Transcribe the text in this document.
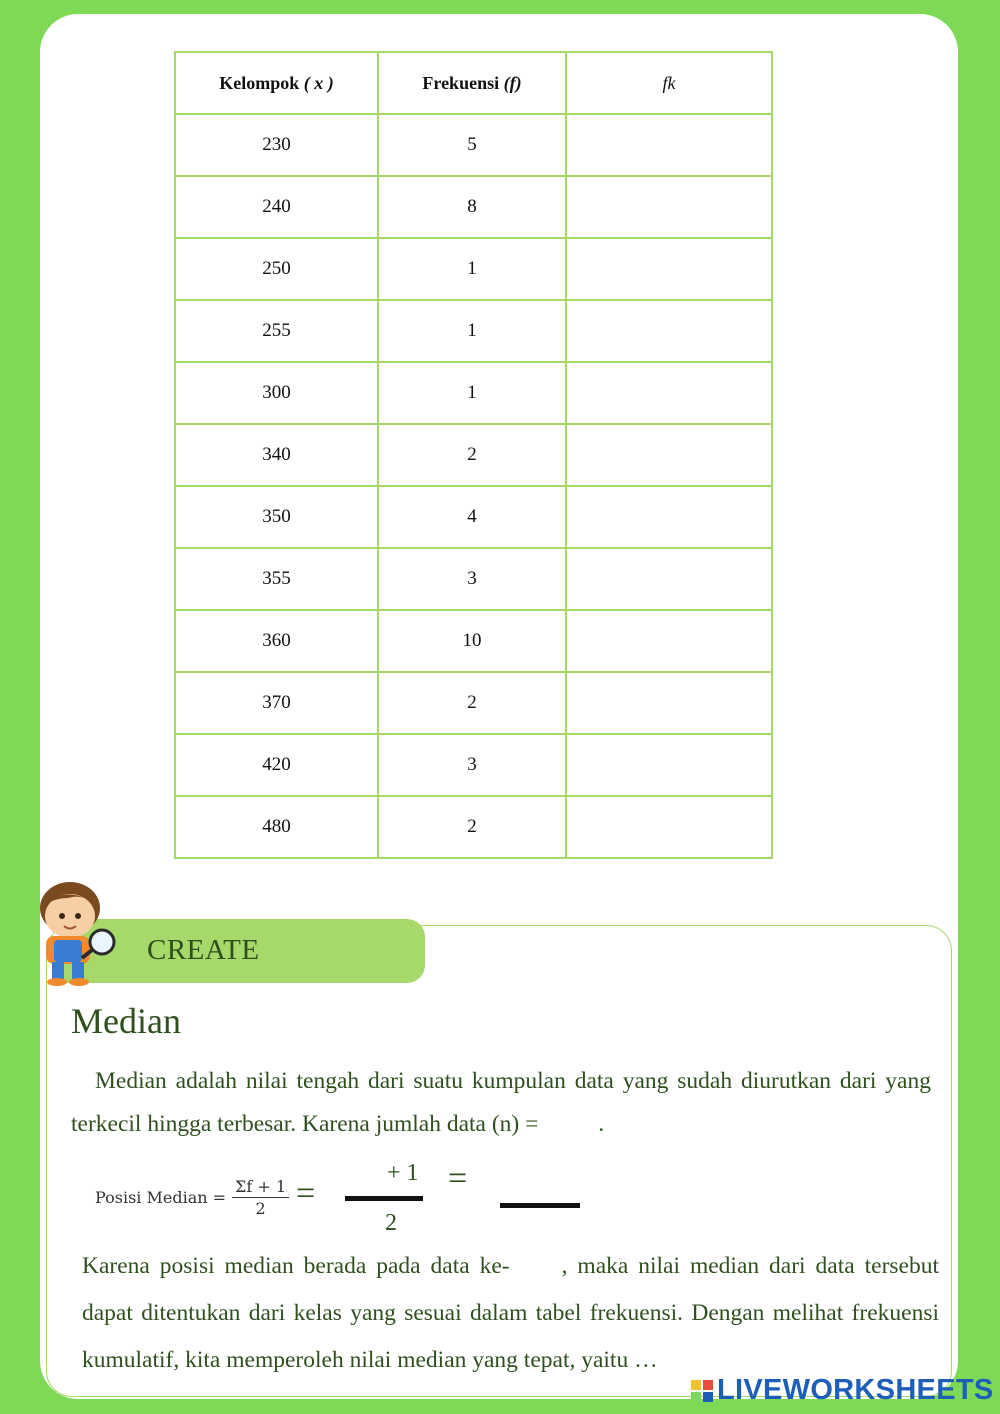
Kelompok ( x )	Frekuensi (f)	fk
230	5	
240	8	
250	1	
255	1	
300	1	
340	2	
350	4	
355	3	
360	10	
370	2	
420	3	
480	2	
CREATE
Median
Median adalah nilai tengah dari suatu kumpulan data yang sudah diurutkan dari yang terkecil hingga terbesar. Karena jumlah data (n) =	.
Posisi Median = $\frac{\Sigma f + 1}{2}$ =
+ 1
2
=
Karena posisi median berada pada data ke- , maka nilai median dari data tersebut dapat ditentukan dari kelas yang sesuai dalam tabel frekuensi. Dengan melihat frekuensi kumulatif, kita memperoleh nilai median yang tepat, yaitu …
LIVEWORKSHEETS
